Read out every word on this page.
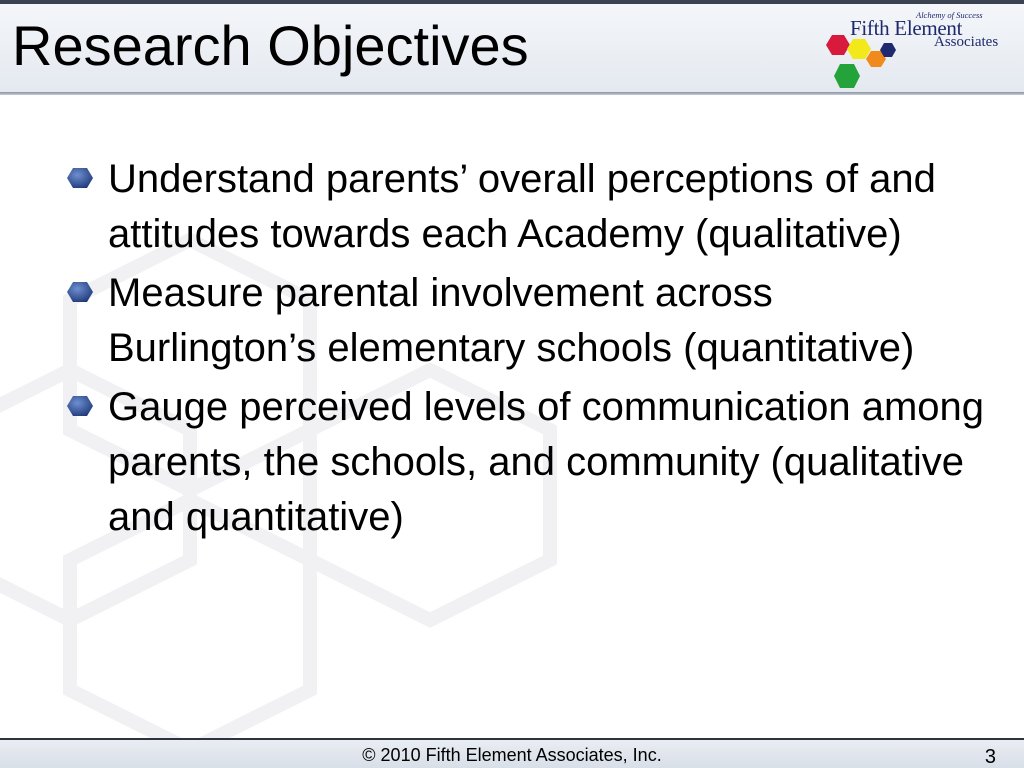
Research Objectives	Alchemy of Success
Fifth Element
Associates
Understand parents’ overall perceptions of and attitudes towards each Academy (qualitative)
Measure parental involvement across Burlington’s elementary schools (quantitative)
Gauge perceived levels of communication among parents, the schools, and community (qualitative and quantitative)
© 2010 Fifth Element Associates, Inc.	3
